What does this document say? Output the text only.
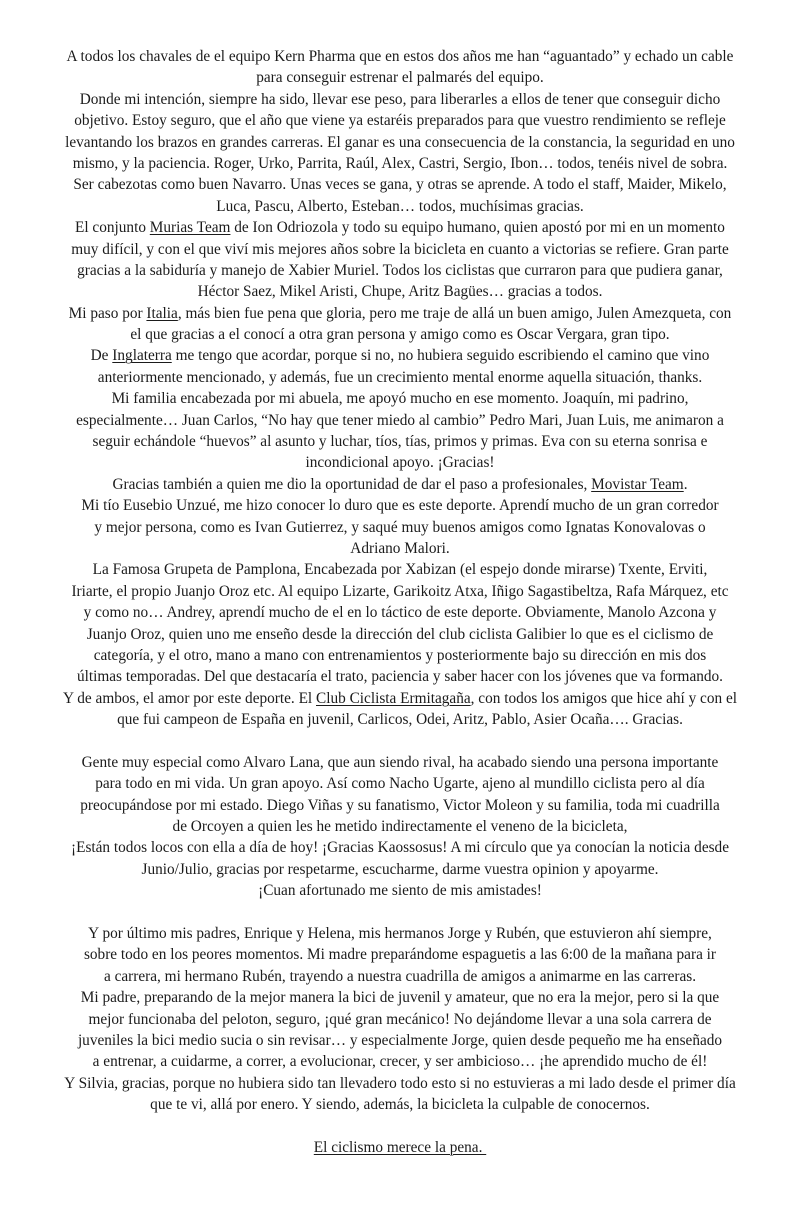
A todos los chavales de el equipo Kern Pharma que en estos dos años me han “aguantado” y echado un cable
para conseguir estrenar el palmarés del equipo.
Donde mi intención, siempre ha sido, llevar ese peso, para liberarles a ellos de tener que conseguir dicho
objetivo. Estoy seguro, que el año que viene ya estaréis preparados para que vuestro rendimiento se refleje
levantando los brazos en grandes carreras. El ganar es una consecuencia de la constancia, la seguridad en uno
mismo, y la paciencia. Roger, Urko, Parrita, Raúl, Alex, Castri, Sergio, Ibon… todos, tenéis nivel de sobra.
Ser cabezotas como buen Navarro. Unas veces se gana, y otras se aprende. A todo el staff, Maider, Mikelo,
Luca, Pascu, Alberto, Esteban… todos, muchísimas gracias.
El conjunto Murias Team de Ion Odriozola y todo su equipo humano, quien apostó por mi en un momento
muy difícil, y con el que viví mis mejores años sobre la bicicleta en cuanto a victorias se refiere. Gran parte
gracias a la sabiduría y manejo de Xabier Muriel. Todos los ciclistas que curraron para que pudiera ganar,
Héctor Saez, Mikel Aristi, Chupe, Aritz Bagües… gracias a todos.
Mi paso por Italia, más bien fue pena que gloria, pero me traje de allá un buen amigo, Julen Amezqueta, con
el que gracias a el conocí a otra gran persona y amigo como es Oscar Vergara, gran tipo.
De Inglaterra me tengo que acordar, porque si no, no hubiera seguido escribiendo el camino que vino
anteriormente mencionado, y además, fue un crecimiento mental enorme aquella situación, thanks.
Mi familia encabezada por mi abuela, me apoyó mucho en ese momento. Joaquín, mi padrino,
especialmente… Juan Carlos, “No hay que tener miedo al cambio” Pedro Mari, Juan Luis, me animaron a
seguir echándole “huevos” al asunto y luchar, tíos, tías, primos y primas. Eva con su eterna sonrisa e
incondicional apoyo. ¡Gracias!
Gracias también a quien me dio la oportunidad de dar el paso a profesionales, Movistar Team.
Mi tío Eusebio Unzué, me hizo conocer lo duro que es este deporte. Aprendí mucho de un gran corredor
y mejor persona, como es Ivan Gutierrez, y saqué muy buenos amigos como Ignatas Konovalovas o
Adriano Malori.
La Famosa Grupeta de Pamplona, Encabezada por Xabizan (el espejo donde mirarse) Txente, Erviti,
Iriarte, el propio Juanjo Oroz etc. Al equipo Lizarte, Garikoitz Atxa, Iñigo Sagastibeltza, Rafa Márquez, etc
y como no… Andrey, aprendí mucho de el en lo táctico de este deporte. Obviamente, Manolo Azcona y
Juanjo Oroz, quien uno me enseño desde la dirección del club ciclista Galibier lo que es el ciclismo de
categoría, y el otro, mano a mano con entrenamientos y posteriormente bajo su dirección en mis dos
últimas temporadas. Del que destacaría el trato, paciencia y saber hacer con los jóvenes que va formando.
Y de ambos, el amor por este deporte. El Club Ciclista Ermitagaña, con todos los amigos que hice ahí y con el
que fui campeon de España en juvenil, Carlicos, Odei, Aritz, Pablo, Asier Ocaña…. Gracias.
Gente muy especial como Alvaro Lana, que aun siendo rival, ha acabado siendo una persona importante
para todo en mi vida. Un gran apoyo. Así como Nacho Ugarte, ajeno al mundillo ciclista pero al día
preocupándose por mi estado. Diego Viñas y su fanatismo, Victor Moleon y su familia, toda mi cuadrilla
de Orcoyen a quien les he metido indirectamente el veneno de la bicicleta,
¡Están todos locos con ella a día de hoy! ¡Gracias Kaossosus! A mi círculo que ya conocían la noticia desde
Junio/Julio, gracias por respetarme, escucharme, darme vuestra opinion y apoyarme.
¡Cuan afortunado me siento de mis amistades!
Y por último mis padres, Enrique y Helena, mis hermanos Jorge y Rubén, que estuvieron ahí siempre,
sobre todo en los peores momentos. Mi madre preparándome espaguetis a las 6:00 de la mañana para ir
a carrera, mi hermano Rubén, trayendo a nuestra cuadrilla de amigos a animarme en las carreras.
Mi padre, preparando de la mejor manera la bici de juvenil y amateur, que no era la mejor, pero si la que
mejor funcionaba del peloton, seguro, ¡qué gran mecánico! No dejándome llevar a una sola carrera de
juveniles la bici medio sucia o sin revisar… y especialmente Jorge, quien desde pequeño me ha enseñado
a entrenar, a cuidarme, a correr, a evolucionar, crecer, y ser ambicioso… ¡he aprendido mucho de él!
Y Silvia, gracias, porque no hubiera sido tan llevadero todo esto si no estuvieras a mi lado desde el primer día
que te vi, allá por enero. Y siendo, además, la bicicleta la culpable de conocernos.
El ciclismo merece la pena.
